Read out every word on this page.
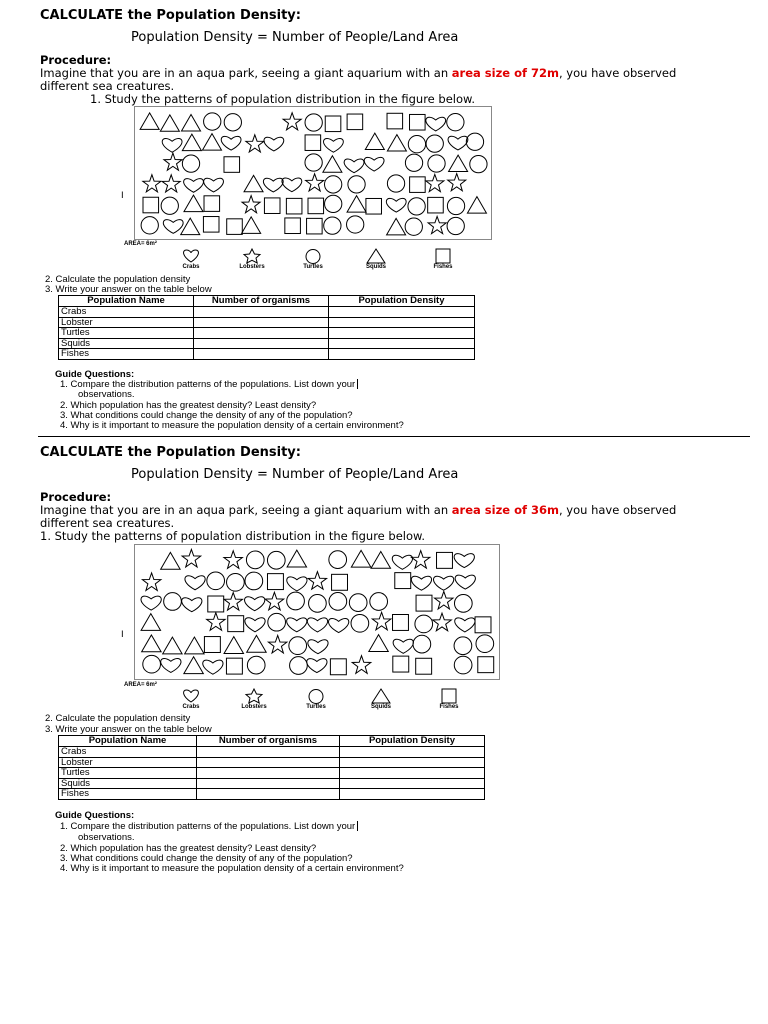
CALCULATE the Population Density:
Population Density = Number of People/Land Area
Procedure:
Imagine that you are in an aqua park, seeing a giant aquarium with an area size of 72m, you have observed
different sea creatures.
1. Study the patterns of population distribution in the figure below.
I
AREA= 6m²
Crabs	Lobsters	Turtles	Squids	Fishes
2. Calculate the population density
3. Write your answer on the table below
Population Name	Number of organisms	Population Density
Crabs		
Lobster		
Turtles		
Squids		
Fishes		
Guide Questions:
1. Compare the distribution patterns of the populations. List down your
observations.
2. Which population has the greatest density? Least density?
3. What conditions could change the density of any of the population?
4. Why is it important to measure the population density of a certain environment?
CALCULATE the Population Density:
Population Density = Number of People/Land Area
Procedure:
Imagine that you are in an aqua park, seeing a giant aquarium with an area size of 36m, you have observed
different sea creatures.
1. Study the patterns of population distribution in the figure below.
I
AREA= 6m²
Crabs	Lobsters	Turtles	Squids	Fishes
2. Calculate the population density
3. Write your answer on the table below
Population Name	Number of organisms	Population Density
Crabs		
Lobster		
Turtles		
Squids		
Fishes		
Guide Questions:
1. Compare the distribution patterns of the populations. List down your
observations.
2. Which population has the greatest density? Least density?
3. What conditions could change the density of any of the population?
4. Why is it important to measure the population density of a certain environment?
